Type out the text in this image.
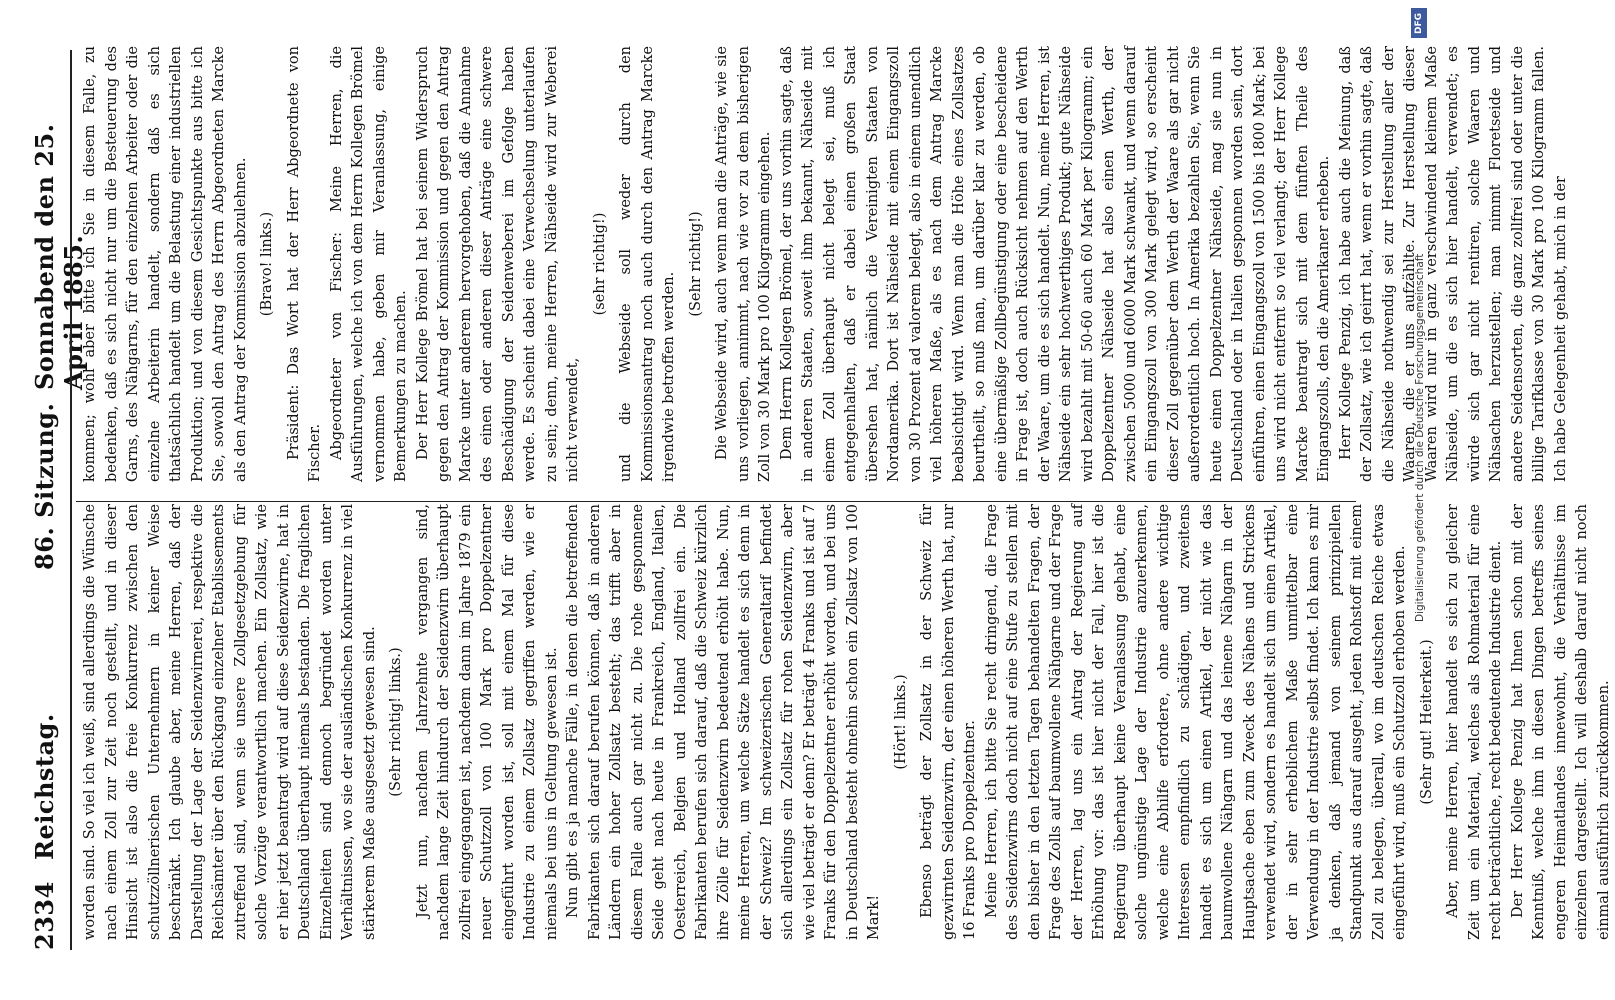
2334
Reichstag.
86. Sitzung.
Sonnabend den 25. April 1885.

worden sind. So viel ich weiß, sind allerdings die Wünsche nach einem Zoll zur Zeit noch gestellt, und in dieser Hinsicht ist also die freie Konkurrenz zwischen den schutzzöllnerischen Unternehmern in keiner Weise beschränkt. Ich glaube aber, meine Herren, daß der Darstellung der Lage der Seidenzwirnerei, respektive die Reichsämter über den Rückgang einzelner Etablissements zutreffend sind, wenn sie unsere Zollgesetzgebung für solche Vorzüge verantwortlich machen. Ein Zollsatz, wie er hier jetzt beantragt wird auf diese Seidenzwirne, hat in Deutschland überhaupt niemals bestanden. Die fraglichen Einzelheiten sind dennoch begründet worden unter Verhältnissen, wo sie der ausländischen Konkurrenz in viel stärkerem Maße ausgesetzt gewesen sind. (Sehr richtig! links.) Jetzt nun, nachdem Jahrzehnte vergangen sind, nachdem lange Zeit hindurch der Seidenzwirn überhaupt zollfrei eingegangen ist, nachdem dann im Jahre 1879 ein neuer Schutzzoll von 100 Mark pro Doppelzentner eingeführt worden ist, soll mit einem Mal für diese Industrie zu einem Zollsatz gegriffen werden, wie er niemals bei uns in Geltung gewesen ist. Nun gibt es ja manche Fälle, in denen die betreffenden Fabrikanten sich darauf berufen können, daß in anderen Ländern ein hoher Zollsatz besteht; das trifft aber in diesem Falle auch gar nicht zu. Die rohe gesponnene Seide geht nach heute in Frankreich, England, Italien, Oesterreich, Belgien und Holland zollfrei ein. Die Fabrikanten berufen sich darauf, daß die Schweiz kürzlich ihre Zölle für Seidenzwirn bedeutend erhöht habe. Nun, meine Herren, um welche Sätze handelt es sich denn in der Schweiz? Im schweizerischen Generaltarif befindet sich allerdings ein Zollsatz für rohen Seidenzwirn, aber wie viel beträgt er denn? Er beträgt 4 Franks und ist auf 7 Franks für den Doppelzentner erhöht worden, und bei uns in Deutschland besteht ohnehin schon ein Zollsatz von 100 Mark!

(Hört! links.) Ebenso beträgt der Zollsatz in der Schweiz für gezwirnten Seidenzwirn, der einen höheren Werth hat, nur 16 Franks pro Doppelzentner. Meine Herren, ich bitte Sie recht dringend, die Frage des Seidenzwirns doch nicht auf eine Stufe zu stellen mit den bisher in den letzten Tagen behandelten Fragen, der Frage des Zolls auf baumwollene Nähgarne und der Frage der Herren, lag uns ein Antrag der Regierung auf Erhöhung vor: das ist hier nicht der Fall, hier ist die Regierung überhaupt keine Veranlassung gehabt, eine solche ungünstige Lage der Industrie anzuerkennen, welche eine Abhilfe erfordere, ohne andere wichtige Interessen empfindlich zu schädigen, und zweitens handelt es sich um einen Artikel, der nicht wie das baumwollene Nähgarn und das leinene Nähgarn in der Hauptsache eben zum Zweck des Nähens und Strickens verwendet wird, sondern es handelt sich um einen Artikel, der in sehr erheblichem Maße unmittelbar eine Verwendung in der Industrie selbst findet. Ich kann es mir ja denken, daß jemand von seinem prinzipiellen Standpunkt aus darauf ausgeht, jeden Rohstoff mit einem Zoll zu belegen, überall, wo im deutschen Reiche etwas eingeführt wird, muß ein Schutzzoll erhoben werden. (Sehr gut! Heiterkeit.) Aber, meine Herren, hier handelt es sich zu gleicher Zeit um ein Material, welches als Rohmaterial für eine recht beträchtliche, recht bedeutende Industrie dient. Der Herr Kollege Penzig hat Ihnen schon mit der Kenntniß, welche ihm in diesen Dingen betreffs seines engeren Heimatlandes innewohnt, die Verhältnisse im einzelnen dargestellt. Ich will deshalb darauf nicht noch einmal ausführlich zurückkommen.

kommen; wohl aber bitte ich Sie in diesem Falle, zu bedenken, daß es sich nicht nur um die Besteuerung des Garns, des Nähgarns, für den einzelnen Arbeiter oder die einzelne Arbeiterin handelt, sondern daß es sich thatsächlich handelt um die Belastung einer industriellen Produktion; und von diesem Gesichtspunkte aus bitte ich Sie, sowohl den Antrag des Herrn Abgeordneten Marcke als den Antrag der Kommission abzulehnen. (Bravo! links.) Präsident: Das Wort hat der Herr Abgeordnete von Fischer. Abgeordneter von Fischer: Meine Herren, die Ausführungen, welche ich von dem Herrn Kollegen Brömel vernommen habe, geben mir Veranlassung, einige Bemerkungen zu machen. Der Herr Kollege Brömel hat bei seinem Widerspruch gegen den Antrag der Kommission und gegen den Antrag Marcke unter anderem hervorgehoben, daß die Annahme des einen oder anderen dieser Anträge eine schwere Beschädigung der Seidenweberei im Gefolge haben werde. Es scheint dabei eine Verwechselung unterlaufen zu sein; denn, meine Herren, Nähseide wird zur Weberei nicht verwendet,

(sehr richtig!) und die Webseide soll weder durch den Kommissionsantrag noch auch durch den Antrag Marcke irgendwie betroffen werden.

(Sehr richtig!) Die Webseide wird, auch wenn man die Anträge, wie sie uns vorliegen, annimmt, nach wie vor zu dem bisherigen Zoll von 30 Mark pro 100 Kilogramm eingehen. Dem Herrn Kollegen Brömel, der uns vorhin sagte, daß in anderen Staaten, soweit ihm bekannt, Nähseide mit einem Zoll überhaupt nicht belegt sei, muß ich entgegenhalten, daß er dabei einen großen Staat übersehen hat, nämlich die Vereinigten Staaten von Nordamerika. Dort ist Nähseide mit einem Eingangszoll von 30 Prozent ad valorem belegt, also in einem unendlich viel höheren Maße, als es nach dem Antrag Marcke beabsichtigt wird. Wenn man die Höhe eines Zollsatzes beurtheilt, so muß man, um darüber klar zu werden, ob eine übermäßige Zollbegünstigung oder eine bescheidene in Frage ist, doch auch Rücksicht nehmen auf den Werth der Waare, um die es sich handelt. Nun, meine Herren, ist Nähseide ein sehr hochwerthiges Produkt; gute Nähseide wird bezahlt mit 50-60 auch 60 Mark per Kilogramm; ein Doppelzentner Nähseide hat also einen Werth, der zwischen 5000 und 6000 Mark schwankt, und wenn darauf ein Eingangszoll von 300 Mark gelegt wird, so erscheint dieser Zoll gegenüber dem Werth der Waare als gar nicht außerordentlich hoch. In Amerika bezahlen Sie, wenn Sie heute einen Doppelzentner Nähseide, mag sie nun in Deutschland oder in Italien gesponnen worden sein, dort einführen, einen Eingangszoll von 1500 bis 1800 Mark; bei uns wird nicht entfernt so viel verlangt; der Herr Kollege Marcke beantragt sich mit dem fünften Theile des Eingangszolls, den die Amerikaner erheben. Herr Kollege Penzig, ich habe auch die Meinung, daß der Zollsatz, wie ich geirrt hat, wenn er vorhin sagte, daß die Nähseide nothwendig sei zur Herstellung aller der Waaren, die er uns aufzählte. Zur Herstellung dieser Waaren wird nur in ganz verschwindend kleinem Maße Nähseide, um die es sich hier handelt, verwendet; es würde sich gar nicht rentiren, solche Waaren und Nähsachen herzustellen; man nimmt Floretseide und andere Seidensorten, die ganz zollfrei sind oder unter die billige Tarifklasse von 30 Mark pro 100 Kilogramm fallen. Ich habe Gelegenheit gehabt, mich in der

DFG
Digitalisierung gefördert durch die Deutsche Forschungsgemeinschaft
